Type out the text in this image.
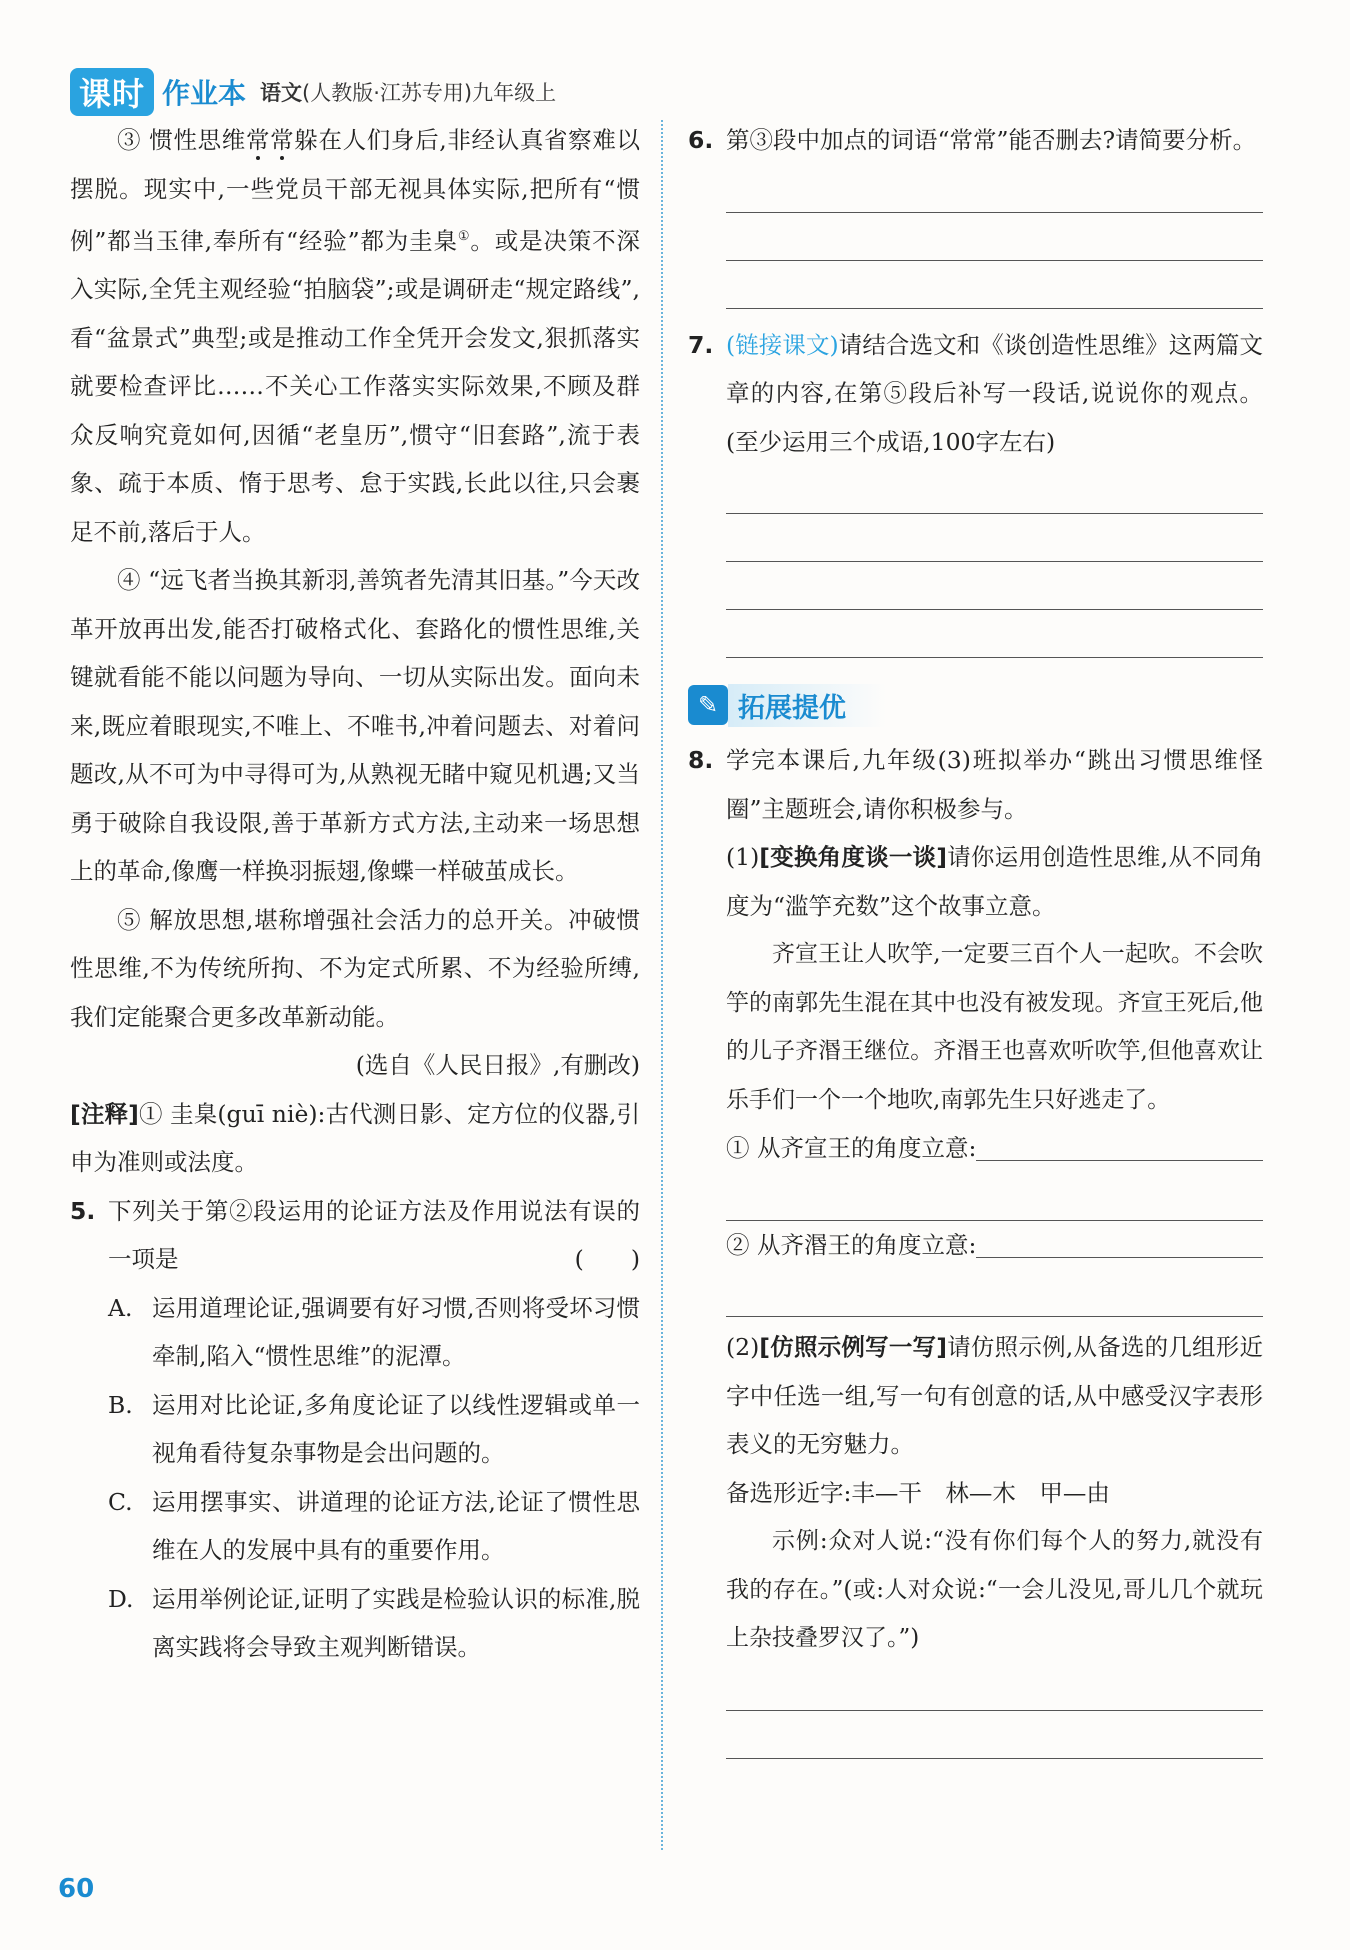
课时 作业本 语文(人教版·江苏专用)九年级上

③ 惯性思维常常躲在人们身后,非经认真省察难以摆脱。现实中,一些党员干部无视具体实际,把所有“惯例”都当玉律,奉所有“经验”都为圭臬①。或是决策不深入实际,全凭主观经验“拍脑袋”;或是调研走“规定路线”,看“盆景式”典型;或是推动工作全凭开会发文,狠抓落实就要检查评比……不关心工作落实实际效果,不顾及群众反响究竟如何,因循“老皇历”,惯守“旧套路”,流于表象、疏于本质、惰于思考、怠于实践,长此以往,只会裹足不前,落后于人。

④ “远飞者当换其新羽,善筑者先清其旧基。”今天改革开放再出发,能否打破格式化、套路化的惯性思维,关键就看能不能以问题为导向、一切从实际出发。面向未来,既应着眼现实,不唯上、不唯书,冲着问题去、对着问题改,从不可为中寻得可为,从熟视无睹中窥见机遇;又当勇于破除自我设限,善于革新方式方法,主动来一场思想上的革命,像鹰一样换羽振翅,像蝶一样破茧成长。

⑤ 解放思想,堪称增强社会活力的总开关。冲破惯性思维,不为传统所拘、不为定式所累、不为经验所缚,我们定能聚合更多改革新动能。

(选自《人民日报》,有删改)

[注释]① 圭臬(guī niè):古代测日影、定方位的仪器,引申为准则或法度。

5. 下列关于第②段运用的论证方法及作用说法有误的一项是	(　　)
A. 运用道理论证,强调要有好习惯,否则将受坏习惯牵制,陷入“惯性思维”的泥潭。
B. 运用对比论证,多角度论证了以线性逻辑或单一视角看待复杂事物是会出问题的。
C. 运用摆事实、讲道理的论证方法,论证了惯性思维在人的发展中具有的重要作用。
D. 运用举例论证,证明了实践是检验认识的标准,脱离实践将会导致主观判断错误。
6. 第③段中加点的词语“常常”能否删去?请简要分析。
7. (链接课文)请结合选文和《谈创造性思维》这两篇文章的内容,在第⑤段后补写一段话,说说你的观点。(至少运用三个成语,100字左右)
✎ 拓展提优
8. 学完本课后,九年级(3)班拟举办“跳出习惯思维怪圈”主题班会,请你积极参与。
(1)[变换角度谈一谈]请你运用创造性思维,从不同角度为“滥竽充数”这个故事立意。
齐宣王让人吹竽,一定要三百个人一起吹。不会吹竽的南郭先生混在其中也没有被发现。齐宣王死后,他的儿子齐湣王继位。齐湣王也喜欢听吹竽,但他喜欢让乐手们一个一个地吹,南郭先生只好逃走了。
① 从齐宣王的角度立意:
② 从齐湣王的角度立意:
(2)[仿照示例写一写]请仿照示例,从备选的几组形近字中任选一组,写一句有创意的话,从中感受汉字表形表义的无穷魅力。
备选形近字:丰—干　林—木　甲—由
示例:众对人说:“没有你们每个人的努力,就没有我的存在。”(或:人对众说:“一会儿没见,哥儿几个就玩上杂技叠罗汉了。”)
60
